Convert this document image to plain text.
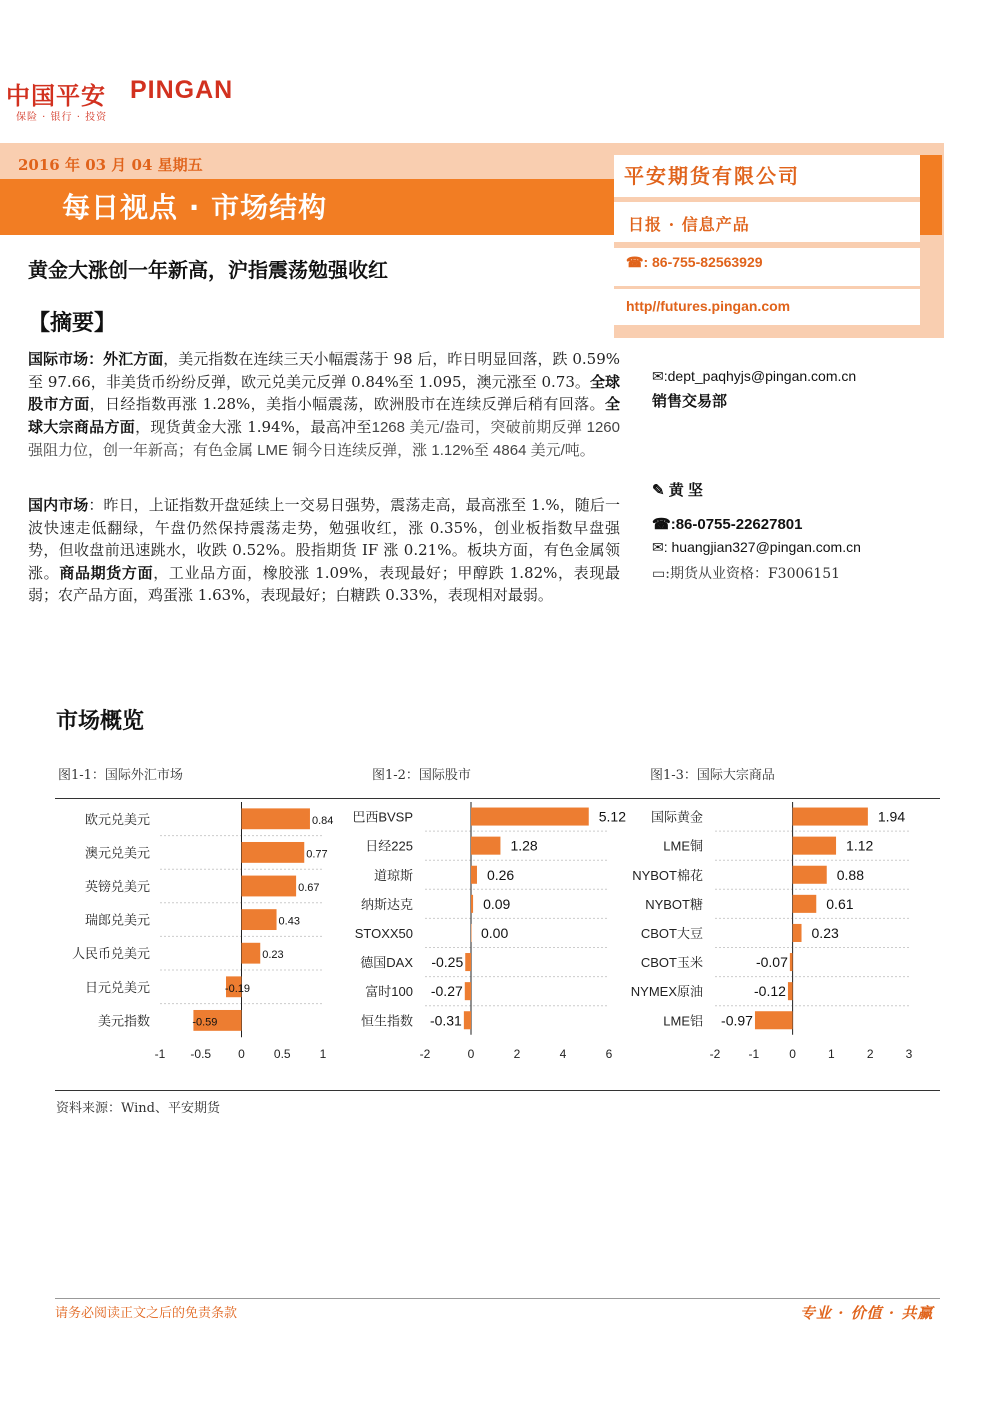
中国平安 PINGAN
保险 · 银行 · 投资
2016 年 03 月 04 星期五
每日视点 · 市场结构
平安期货有限公司
日报 · 信息产品
☎: 86-755-82563929
http//futures.pingan.com
✉:dept_paqhyjs@pingan.com.cn
销售交易部
✎ 黄 坚
☎:86-0755-22627801
✉: huangjian327@pingan.com.cn
▭:期货从业资格：F3006151
黄金大涨创一年新高，沪指震荡勉强收红
【摘要】
国际市场：外汇方面，美元指数在连续三天小幅震荡于 98 后，昨日明显回落，跌 0.59%至 97.66，非美货币纷纷反弹，欧元兑美元反弹 0.84%至 1.095，澳元涨至 0.73。全球股市方面，日经指数再涨 1.28%，美指小幅震荡，欧洲股市在连续反弹后稍有回落。全球大宗商品方面，现货黄金大涨 1.94%，最高冲至1268 美元/盎司，突破前期反弹 1260 强阻力位，创一年新高；有色金属 LME 铜今日连续反弹，涨 1.12%至 4864 美元/吨。
国内市场：昨日，上证指数开盘延续上一交易日强势，震荡走高，最高涨至 1.%，随后一波快速走低翻绿，午盘仍然保持震荡走势，勉强收红，涨 0.35%，创业板指数早盘强势，但收盘前迅速跳水，收跌 0.52%。股指期货 IF 涨 0.21%。板块方面，有色金属领涨。商品期货方面，工业品方面，橡胶涨 1.09%，表现最好；甲醇跌 1.82%，表现最弱；农产品方面，鸡蛋涨 1.63%，表现最好；白糖跌 0.33%，表现相对最弱。
市场概览
图1-1：国际外汇市场	图1-2：国际股市	图1-3：国际大宗商品
欧元兑美元	0.84
澳元兑美元	0.77
英镑兑美元	0.67
瑞郎兑美元	0.43
人民币兑美元	0.23
日元兑美元	-0.19
美元指数	-0.59
-1 -0.5 0 0.5 1
巴西BVSP	5.12
日经225	1.28
道琼斯	0.26
纳斯达克	0.09
STOXX50	0.00
德国DAX -0.25
富时100 -0.27
恒生指数 -0.31
-2	0	2	4	6
国际黄金	1.94
LME铜	1.12
NYBOT棉花	0.88
NYBOT糖	0.61
CBOT大豆	0.23
CBOT玉米	-0.07
NYMEX原油	-0.12
LME铝 -0.97
-2 -1	0	1	2	3
资料来源：Wind、平安期货
请务必阅读正文之后的免责条款	专业 · 价值 · 共赢
